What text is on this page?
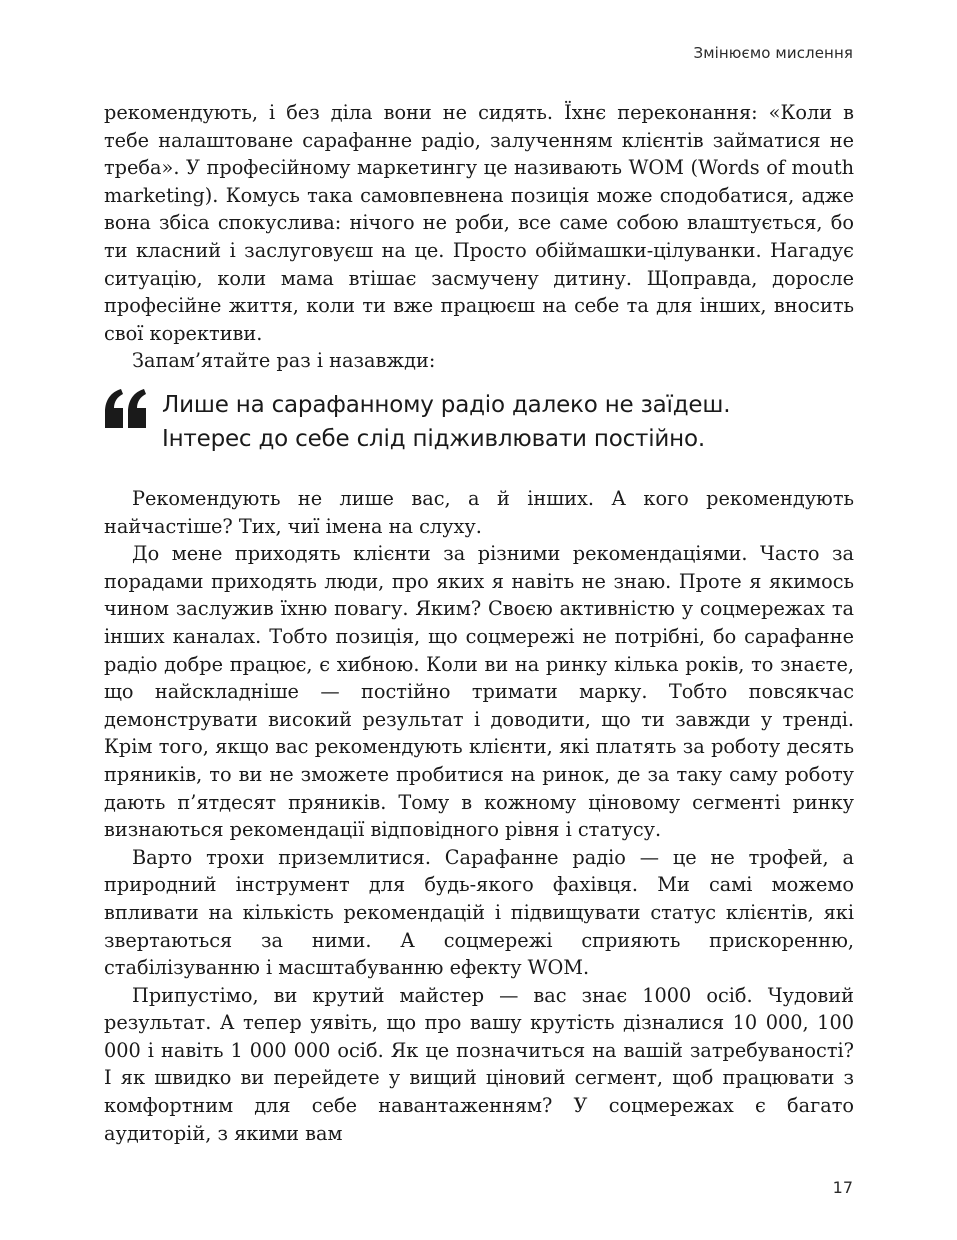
Змінюємо мислення

рекомендують, і без діла вони не сидять. Їхнє переконання: «Коли в тебе налаштоване сарафанне радіо, залученням клієнтів займатися не треба». У професійному маркетингу це називають WOM (Words of mouth marketing). Комусь така самовпевнена позиція може сподобатися, адже вона збіса спокуслива: нічого не роби, все саме собою влаштується, бо ти класний і заслуговуєш на це. Просто обіймашки-цілуванки. Нагадує ситуацію, коли мама втішає засмучену дитину. Щоправда, доросле професійне життя, коли ти вже працюєш на себе та для інших, вносить свої корективи.

Запам’ятайте раз і назавжди:

Лише на сарафанному радіо далеко не заїдеш.
Інтерес до себе слід підживлювати постійно.

Рекомендують не лише вас, а й інших. А кого рекомендують найчастіше? Тих, чиї імена на слуху.

До мене приходять клієнти за різними рекомендаціями. Часто за порадами приходять люди, про яких я навіть не знаю. Проте я якимось чином заслужив їхню повагу. Яким? Своєю активністю у соцмережах та інших каналах. Тобто позиція, що соцмережі не потрібні, бо сарафанне радіо добре працює, є хибною. Коли ви на ринку кілька років, то знаєте, що найскладніше — постійно тримати марку. Тобто повсякчас демонструвати високий результат і доводити, що ти завжди у тренді. Крім того, якщо вас рекомендують клієнти, які платять за роботу десять пряників, то ви не зможете пробитися на ринок, де за таку саму роботу дають п’ятдесят пряників. Тому в кожному ціновому сегменті ринку визнаються рекомендації відповідного рівня і статусу.

Варто трохи приземлитися. Сарафанне радіо — це не трофей, а природний інструмент для будь-якого фахівця. Ми самі можемо впливати на кількість рекомендацій і підвищувати статус клієнтів, які звертаються за ними. А соцмережі сприяють прискоренню, стабілізуванню і масштабуванню ефекту WOM.

Припустімо, ви крутий майстер — вас знає 1000 осіб. Чудовий результат. А тепер уявіть, що про вашу крутість дізналися 10 000, 100 000 і навіть 1 000 000 осіб. Як це позначиться на вашій затребуваності? І як швидко ви перейдете у вищий ціновий сегмент, щоб працювати з комфортним для себе навантаженням? У соцмережах є багато аудиторій, з якими вам

17
